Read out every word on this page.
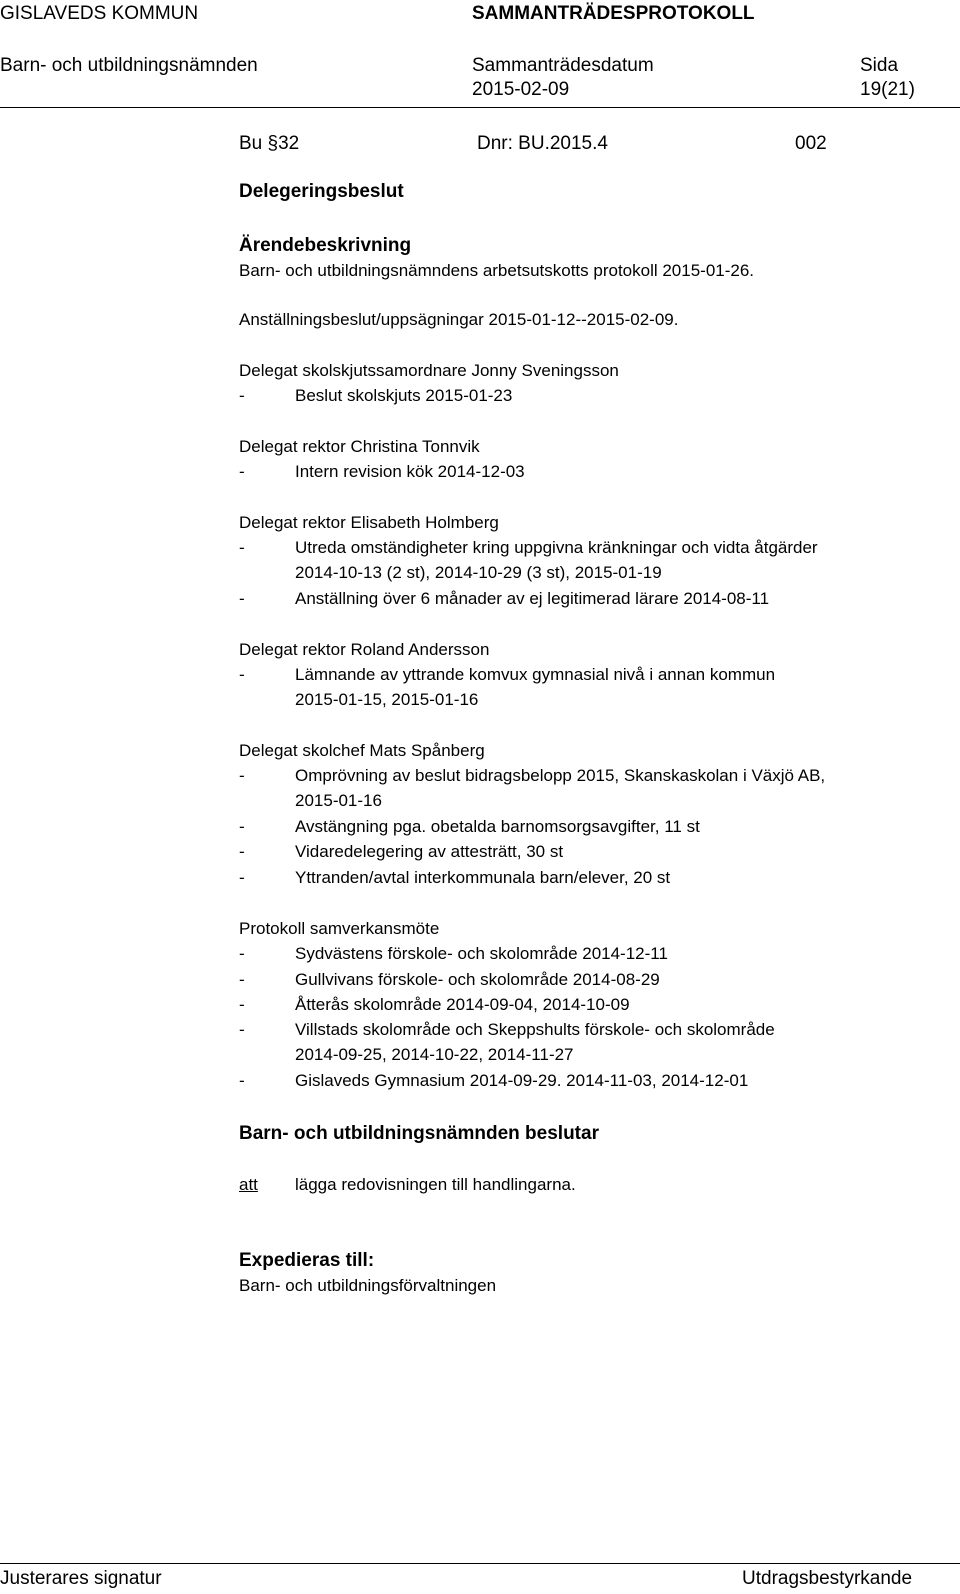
GISLAVEDS KOMMUN	SAMMANTRÄDESPROTOKOLL
Barn- och utbildningsnämnden	Sammanträdesdatum	Sida
2015-02-09	19(21)
Bu §32	Dnr: BU.2015.4	002
Delegeringsbeslut
Ärendebeskrivning
Barn- och utbildningsnämndens arbetsutskotts protokoll 2015-01-26.
Anställningsbeslut/uppsägningar 2015-01-12--2015-02-09.
Delegat skolskjutssamordnare Jonny Sveningsson
-	Beslut skolskjuts 2015-01-23
Delegat rektor Christina Tonnvik
-	Intern revision kök 2014-12-03
Delegat rektor Elisabeth Holmberg
-	Utreda omständigheter kring uppgivna kränkningar och vidta åtgärder
2014-10-13 (2 st), 2014-10-29 (3 st), 2015-01-19
-	Anställning över 6 månader av ej legitimerad lärare 2014-08-11
Delegat rektor Roland Andersson
-	Lämnande av yttrande komvux gymnasial nivå i annan kommun
2015-01-15, 2015-01-16
Delegat skolchef Mats Spånberg
-	Omprövning av beslut bidragsbelopp 2015, Skanskaskolan i Växjö AB,
2015-01-16
-	Avstängning pga. obetalda barnomsorgsavgifter, 11 st
-	Vidaredelegering av attesträtt, 30 st
-	Yttranden/avtal interkommunala barn/elever, 20 st
Protokoll samverkansmöte
-	Sydvästens förskole- och skolområde 2014-12-11
-	Gullvivans förskole- och skolområde 2014-08-29
-	Åtterås skolområde 2014-09-04, 2014-10-09
-	Villstads skolområde och Skeppshults förskole- och skolområde
2014-09-25, 2014-10-22, 2014-11-27
-	Gislaveds Gymnasium 2014-09-29. 2014-11-03, 2014-12-01
Barn- och utbildningsnämnden beslutar
att lägga redovisningen till handlingarna.
Expedieras till:
Barn- och utbildningsförvaltningen
Justerares signatur	Utdragsbestyrkande
